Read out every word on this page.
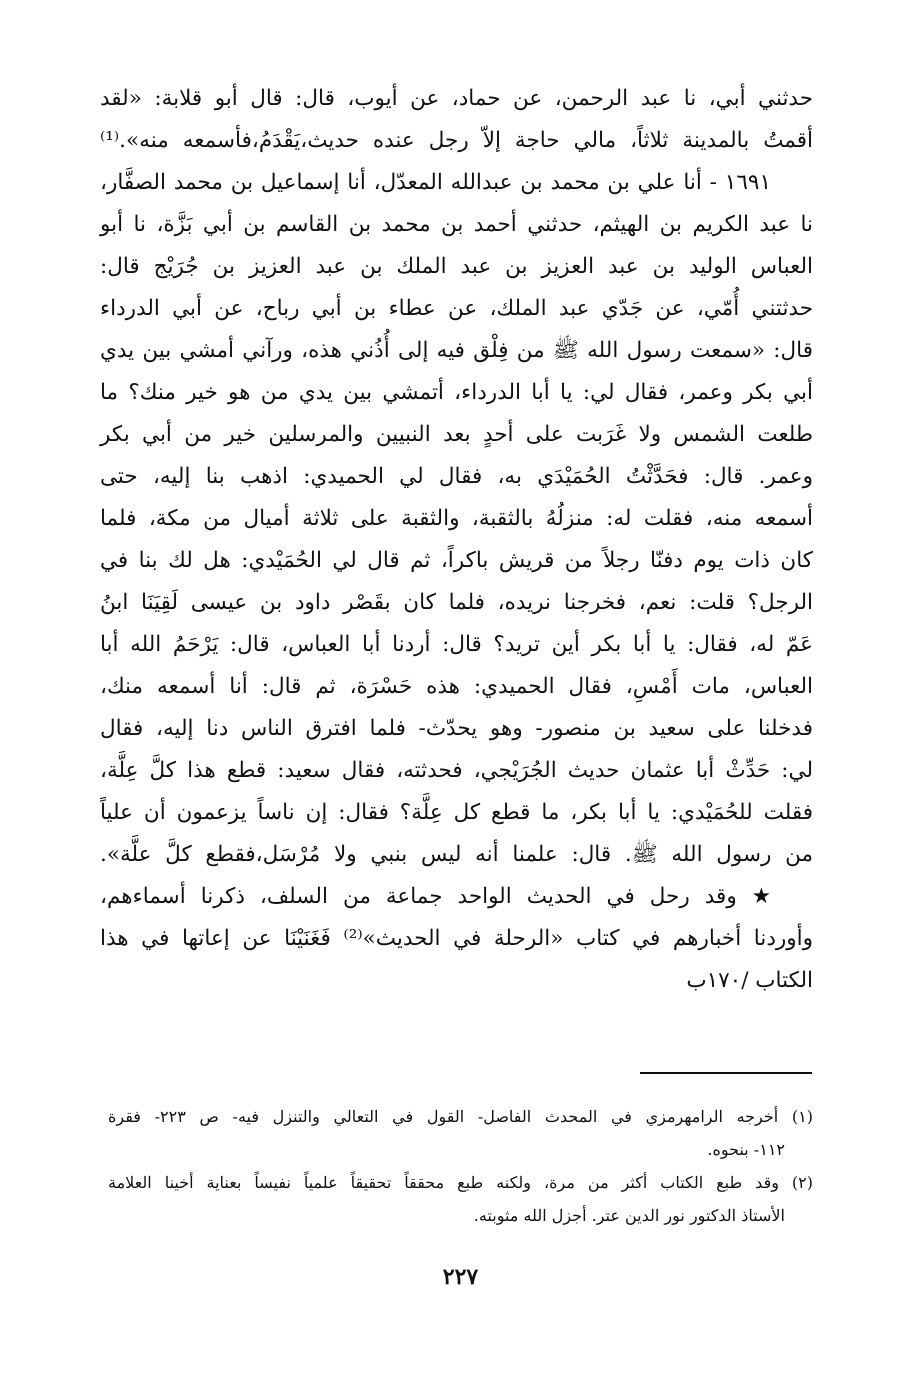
حدثني أبي، نا عبد الرحمن، عن حماد، عن أيوب، قال: قال أبو قلابة: «لقد
أقمتُ بالمدينة ثلاثاً، مالي حاجة إلاّ رجل عنده حديث،يَقْدَمُ،فأسمعه منه».⁽¹⁾
١٦٩١ - أنا علي بن محمد بن عبدالله المعدّل، أنا إسماعيل بن محمد الصفَّار،
نا عبد الكريم بن الهيثم، حدثني أحمد بن محمد بن القاسم بن أبي بَزَّة، نا أبو
العباس الوليد بن عبد العزيز بن عبد الملك بن عبد العزيز بن جُرَيْج قال:
حدثتني أُمّي، عن جَدّي عبد الملك، عن عطاء بن أبي رباح، عن أبي الدرداء
قال: «سمعت رسول الله ﷺ من فِلْق فيه إلى أُذُني هذه، ورآني أمشي بين يدي
أبي بكر وعمر، فقال لي: يا أبا الدرداء، أتمشي بين يدي من هو خير منك؟ ما
طلعت الشمس ولا غَرَبت على أحدٍ بعد النبيين والمرسلين خير من أبي بكر
وعمر. قال: فحَدَّثْتُ الحُمَيْدَي به، فقال لي الحميدي: اذهب بنا إليه، حتى
أسمعه منه، فقلت له: منزلُهُ بالثقبة، والثقبة على ثلاثة أميال من مكة، فلما
كان ذات يوم دفنّا رجلاً من قريش باكراً، ثم قال لي الحُمَيْدي: هل لك بنا في
الرجل؟ قلت: نعم، فخرجنا نريده، فلما كان بقَصْر داود بن عيسى لَقِيَنَا ابنُ
عَمّ له، فقال: يا أبا بكر أين تريد؟ قال: أردنا أبا العباس، قال: يَرْحَمُ الله أبا
العباس، مات أَمْسِ، فقال الحميدي: هذه حَسْرَة، ثم قال: أنا أسمعه منك،
فدخلنا على سعيد بن منصور- وهو يحدّث- فلما افترق الناس دنا إليه، فقال
لي: حَدِّثْ أبا عثمان حديث الجُرَيْجي، فحدثته، فقال سعيد: قطع هذا كلَّ عِلَّة،
فقلت للحُمَيْدي: يا أبا بكر، ما قطع كل عِلَّة؟ فقال: إن ناساً يزعمون أن علياً
من رسول الله ﷺ. قال: علمنا أنه ليس بنبي ولا مُرْسَل،فقطع كلَّ علَّة».
★ وقد رحل في الحديث الواحد جماعة من السلف، ذكرنا أسماءهم،
وأوردنا أخبارهم في كتاب «الرحلة في الحديث»⁽²⁾ فَغَنَيْنَا عن إعاتها في هذا
الكتاب /١٧٠ب
(١) أخرجه الرامهرمزي في المحدث الفاصل- القول في التعالي والتنزل فيه- ص ٢٢٣- فقرة
١١٢- بنحوه.
(٢) وقد طبع الكتاب أكثر من مرة، ولكنه طبع محققاً تحقيقاً علمياً نفيساً بعناية أخينا العلامة
الأستاذ الدكتور نور الدين عتر. أجزل الله مثوبته.
٢٢٧
